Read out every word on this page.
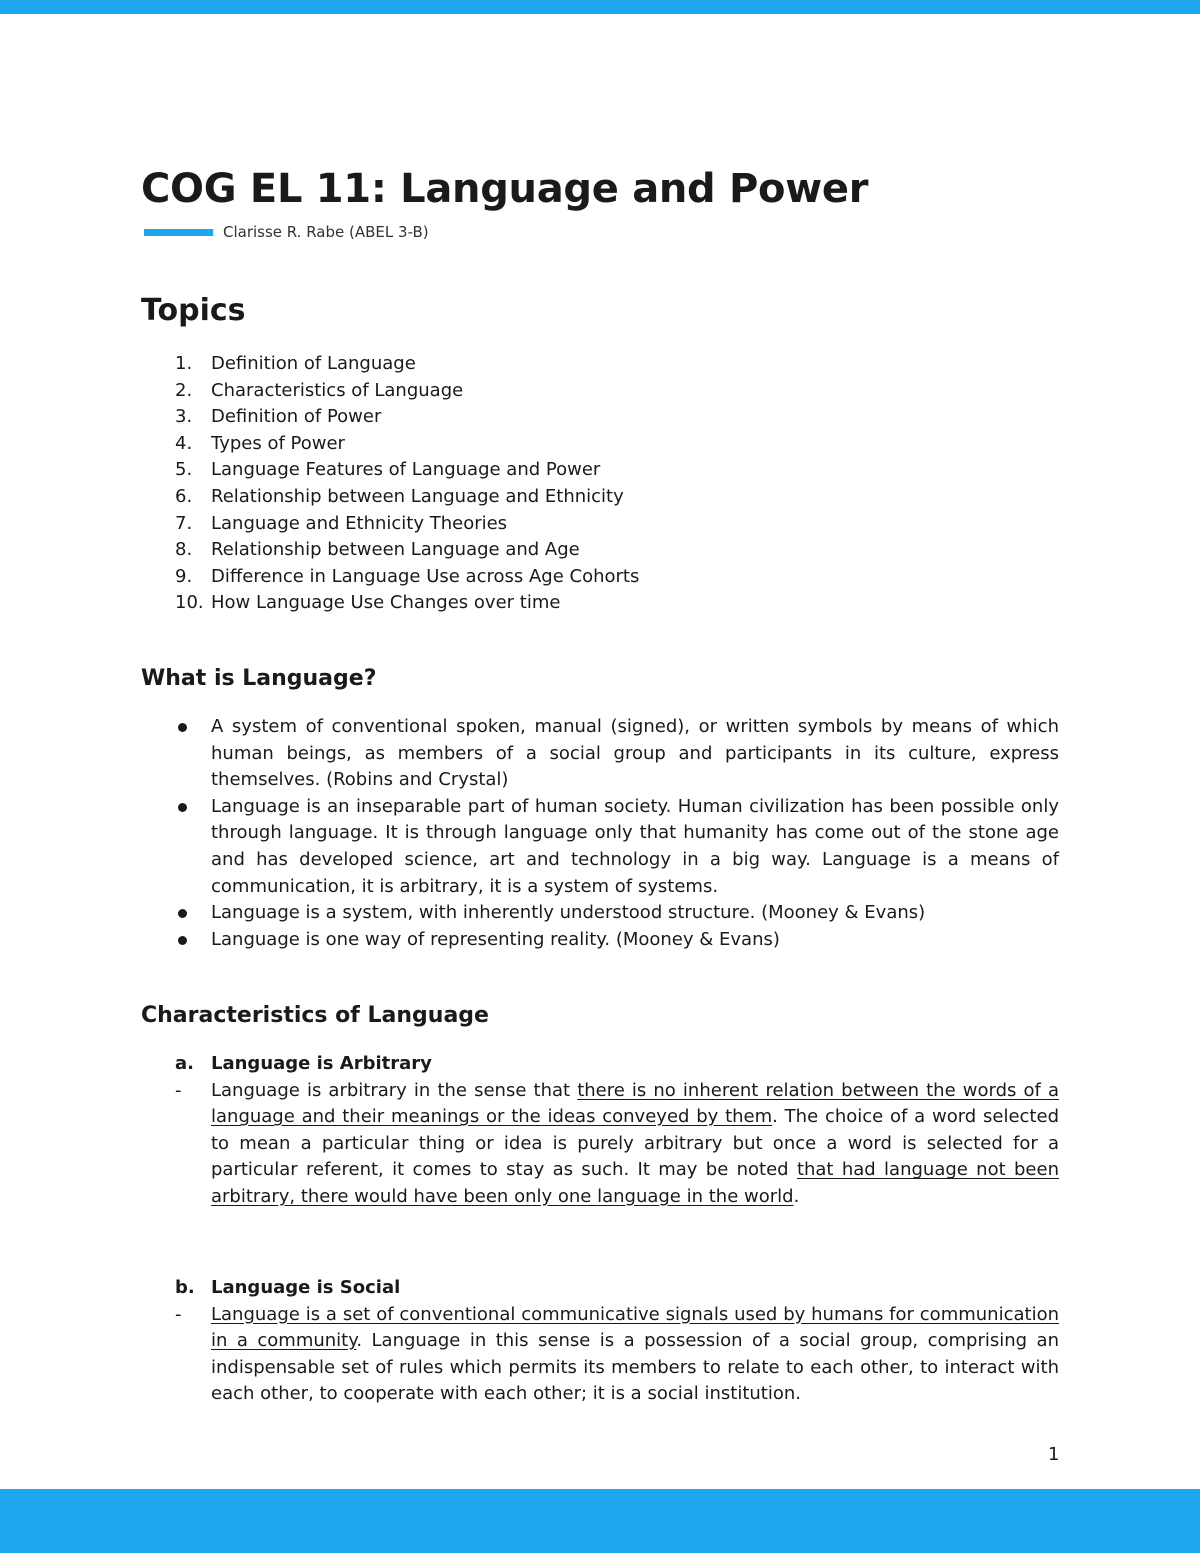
COG EL 11: Language and Power
Clarisse R. Rabe (ABEL 3-B)
Topics
1.	Definition of Language
2.	Characteristics of Language
3.	Definition of Power
4.	Types of Power
5.	Language Features of Language and Power
6.	Relationship between Language and Ethnicity
7.	Language and Ethnicity Theories
8.	Relationship between Language and Age
9.	Difference in Language Use across Age Cohorts
10. How Language Use Changes over time
What is Language?
A system of conventional spoken, manual (signed), or written symbols by means of which human beings, as members of a social group and participants in its culture, express themselves. (Robins and Crystal)
Language is an inseparable part of human society. Human civilization has been possible only through language. It is through language only that humanity has come out of the stone age and has developed science, art and technology in a big way. Language is a means of communication, it is arbitrary, it is a system of systems.
Language is a system, with inherently understood structure. (Mooney & Evans)
Language is one way of representing reality. (Mooney & Evans)
Characteristics of Language
a. Language is Arbitrary
- Language is arbitrary in the sense that there is no inherent relation between the words of a language and their meanings or the ideas conveyed by them. The choice of a word selected to mean a particular thing or idea is purely arbitrary but once a word is selected for a particular referent, it comes to stay as such. It may be noted that had language not been arbitrary, there would have been only one language in the world.
b. Language is Social
- Language is a set of conventional communicative signals used by humans for communication in a community. Language in this sense is a possession of a social group, comprising an indispensable set of rules which permits its members to relate to each other, to interact with each other, to cooperate with each other; it is a social institution.
1
